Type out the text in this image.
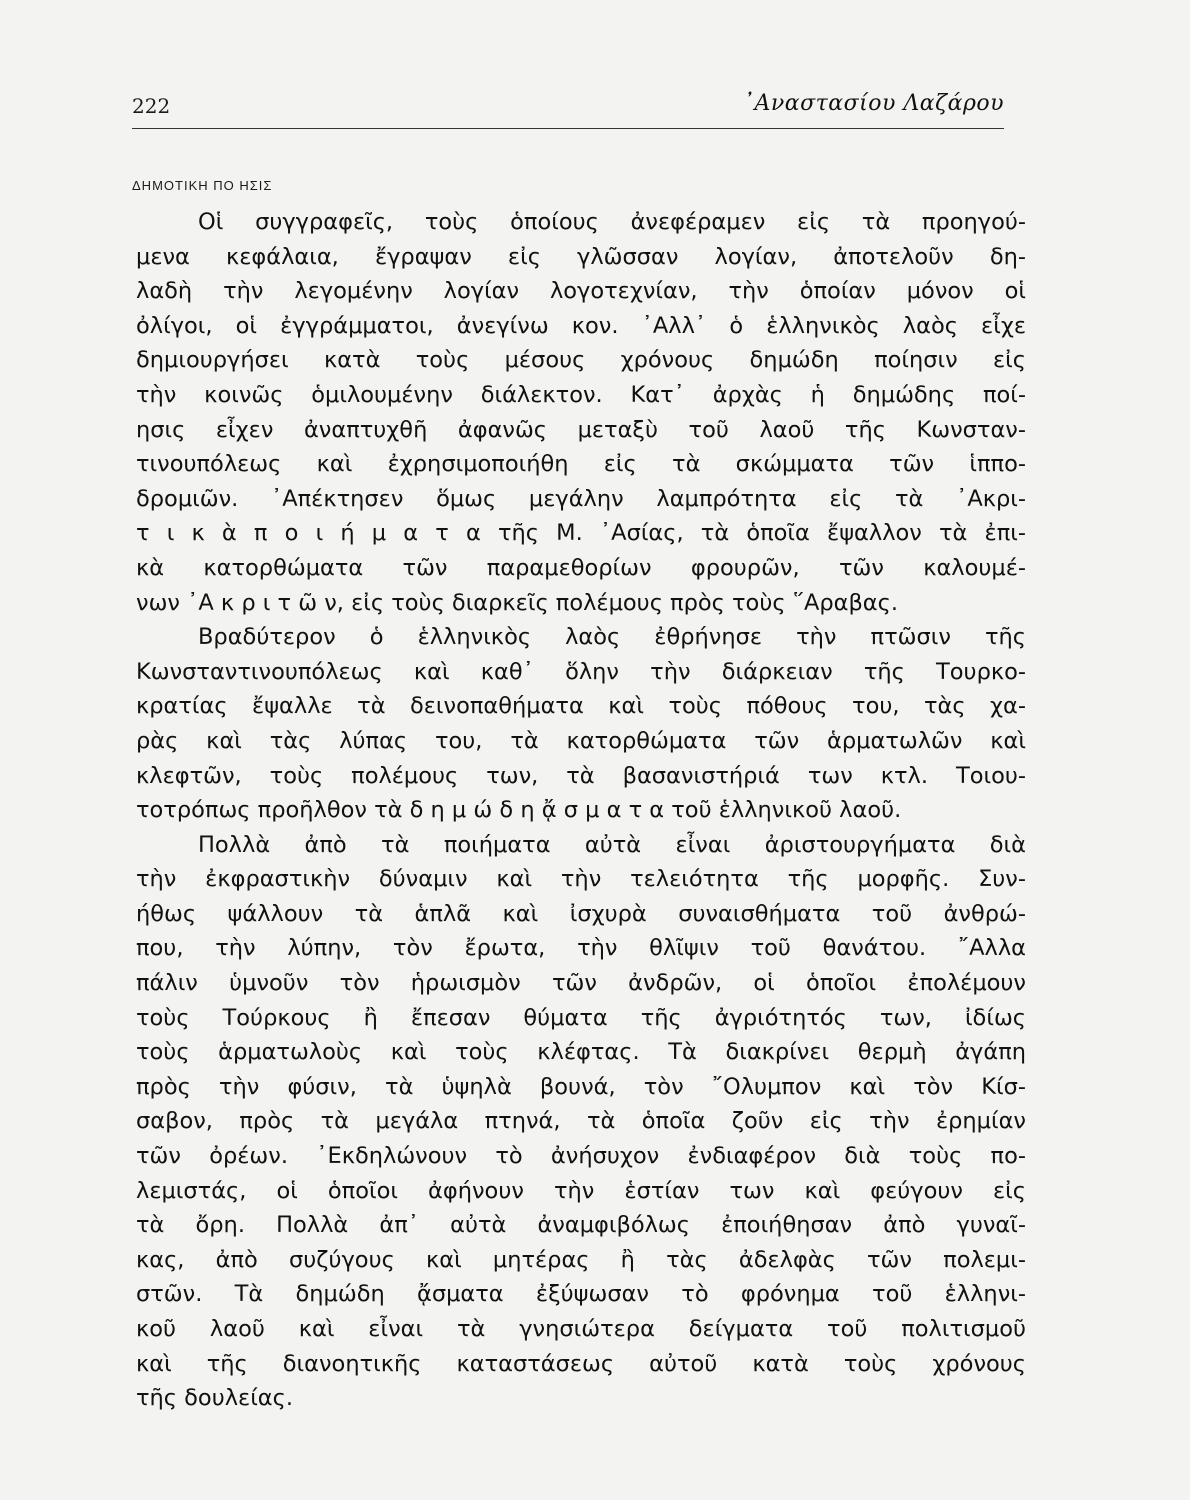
222	᾿Αναστασίου Λαζάρου
ΔΗΜΟΤΙΚΗ ΠΟ ΗΣΙΣ
Οἱ συγγραφεῖς, τοὺς ὁποίους ἀνεφέραμεν εἰς τὰ προηγού-
μενα κεφάλαια, ἔγραψαν εἰς γλῶσσαν λογίαν, ἀποτελοῦν δη-
λαδὴ τὴν λεγομένην λογίαν λογοτεχνίαν, τὴν ὁποίαν μόνον οἱ
ὀλίγοι, οἱ ἐγγράμματοι, ἀνεγίνω κον. ᾿Αλλ᾿ ὁ ἑλληνικὸς λαὸς εἶχε
δημιουργήσει κατὰ τοὺς μέσους χρόνους δημώδη ποίησιν εἰς
τὴν κοινῶς ὁμιλουμένην διάλεκτον. Κατ᾿ ἀρχὰς ἡ δημώδης ποί-
ησις εἶχεν ἀναπτυχθῆ ἀφανῶς μεταξὺ τοῦ λαοῦ τῆς Κωνσταν-
τινουπόλεως καὶ ἐχρησιμοποιήθη εἰς τὰ σκώμματα τῶν ἱππο-
δρομιῶν. ᾿Απέκτησεν ὅμως μεγάλην λαμπρότητα εἰς τὰ ᾿Ακρι-
τ ι κ ὰ π ο ι ή μ α τ α τῆς Μ. ᾿Ασίας, τὰ ὁποῖα ἔψαλλον τὰ ἐπι-
κὰ κατορθώματα τῶν παραμεθορίων φρουρῶν, τῶν καλουμέ-
νων ᾿Α κ ρ ι τ ῶ ν, εἰς τοὺς διαρκεῖς πολέμους πρὸς τοὺς ῞Αραβας.
Βραδύτερον ὁ ἑλληνικὸς λαὸς ἐθρήνησε τὴν πτῶσιν τῆς
Κωνσταντινουπόλεως καὶ καθ᾿ ὅλην τὴν διάρκειαν τῆς Τουρκο-
κρατίας ἔψαλλε τὰ δεινοπαθήματα καὶ τοὺς πόθους του, τὰς χα-
ρὰς καὶ τὰς λύπας του, τὰ κατορθώματα τῶν ἁρματωλῶν καὶ
κλεφτῶν, τοὺς πολέμους των, τὰ βασανιστήριά των κτλ. Τοιου-
τοτρόπως προῆλθον τὰ δ η μ ώ δ η ᾄ σ μ α τ α τοῦ ἑλληνικοῦ λαοῦ.
Πολλὰ ἀπὸ τὰ ποιήματα αὐτὰ εἶναι ἀριστουργήματα διὰ
τὴν ἐκφραστικὴν δύναμιν καὶ τὴν τελειότητα τῆς μορφῆς. Συν-
ήθως ψάλλουν τὰ ἁπλᾶ καὶ ἰσχυρὰ συναισθήματα τοῦ ἀνθρώ-
που, τὴν λύπην, τὸν ἔρωτα, τὴν θλῖψιν τοῦ θανάτου. ῎Αλλα
πάλιν ὑμνοῦν τὸν ἡρωισμὸν τῶν ἀνδρῶν, οἱ ὁποῖοι ἐπολέμουν
τοὺς Τούρκους ἢ ἔπεσαν θύματα τῆς ἀγριότητός των, ἰδίως
τοὺς ἁρματωλοὺς καὶ τοὺς κλέφτας. Τὰ διακρίνει θερμὴ ἀγάπη
πρὸς τὴν φύσιν, τὰ ὑψηλὰ βουνά, τὸν ῎Ολυμπον καὶ τὸν Κίσ-
σαβον, πρὸς τὰ μεγάλα πτηνά, τὰ ὁποῖα ζοῦν εἰς τὴν ἐρημίαν
τῶν ὀρέων. ᾿Εκδηλώνουν τὸ ἀνήσυχον ἐνδιαφέρον διὰ τοὺς πο-
λεμιστάς, οἱ ὁποῖοι ἀφήνουν τὴν ἑστίαν των καὶ φεύγουν εἰς
τὰ ὄρη. Πολλὰ ἀπ᾿ αὐτὰ ἀναμφιβόλως ἐποιήθησαν ἀπὸ γυναῖ-
κας, ἀπὸ συζύγους καὶ μητέρας ἢ τὰς ἀδελφὰς τῶν πολεμι-
στῶν. Τὰ δημώδη ᾄσματα ἐξύψωσαν τὸ φρόνημα τοῦ ἑλληνι-
κοῦ λαοῦ καὶ εἶναι τὰ γνησιώτερα δείγματα τοῦ πολιτισμοῦ
καὶ τῆς διανοητικῆς καταστάσεως αὐτοῦ κατὰ τοὺς χρόνους
τῆς δουλείας.
